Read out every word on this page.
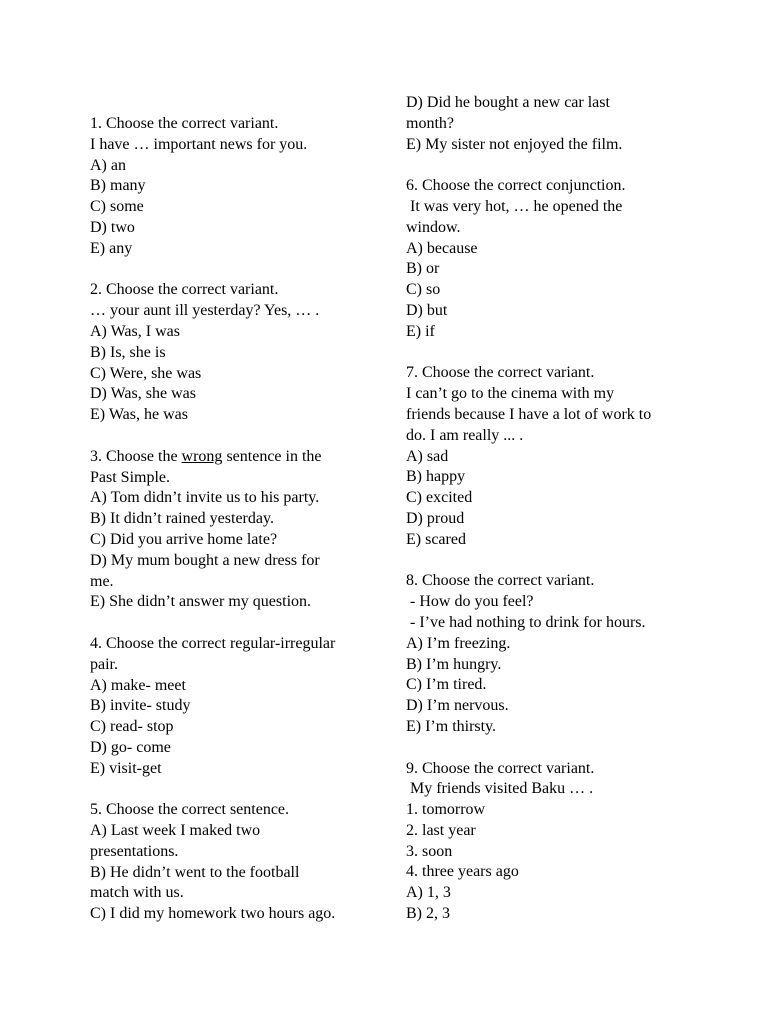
1. Choose the correct variant.
I have … important news for you.
A) an
B) many
C) some
D) two
E) any
2. Choose the correct variant.
… your aunt ill yesterday? Yes, … .
A) Was, I was
B) Is, she is
C) Were, she was
D) Was, she was
E) Was, he was
3. Choose the wrong sentence in the
Past Simple.
A) Tom didn’t invite us to his party.
B) It didn’t rained yesterday.
C) Did you arrive home late?
D) My mum bought a new dress for
me.
E) She didn’t answer my question.
4. Choose the correct regular-irregular
pair.
A) make- meet
B) invite- study
C) read- stop
D) go- come
E) visit-get
5. Choose the correct sentence.
A) Last week I maked two
presentations.
B) He didn’t went to the football
match with us.
C) I did my homework two hours ago.
D) Did he bought a new car last
month?
E) My sister not enjoyed the film.
6. Choose the correct conjunction.
It was very hot, … he opened the
window.
A) because
B) or
C) so
D) but
E) if
7. Choose the correct variant.
I can’t go to the cinema with my
friends because I have a lot of work to
do. I am really ... .
A) sad
B) happy
C) excited
D) proud
E) scared
8. Choose the correct variant.
- How do you feel?
- I’ve had nothing to drink for hours.
A) I’m freezing.
B) I’m hungry.
C) I’m tired.
D) I’m nervous.
E) I’m thirsty.
9. Choose the correct variant.
My friends visited Baku … .
1. tomorrow
2. last year
3. soon
4. three years ago
A) 1, 3
B) 2, 3
